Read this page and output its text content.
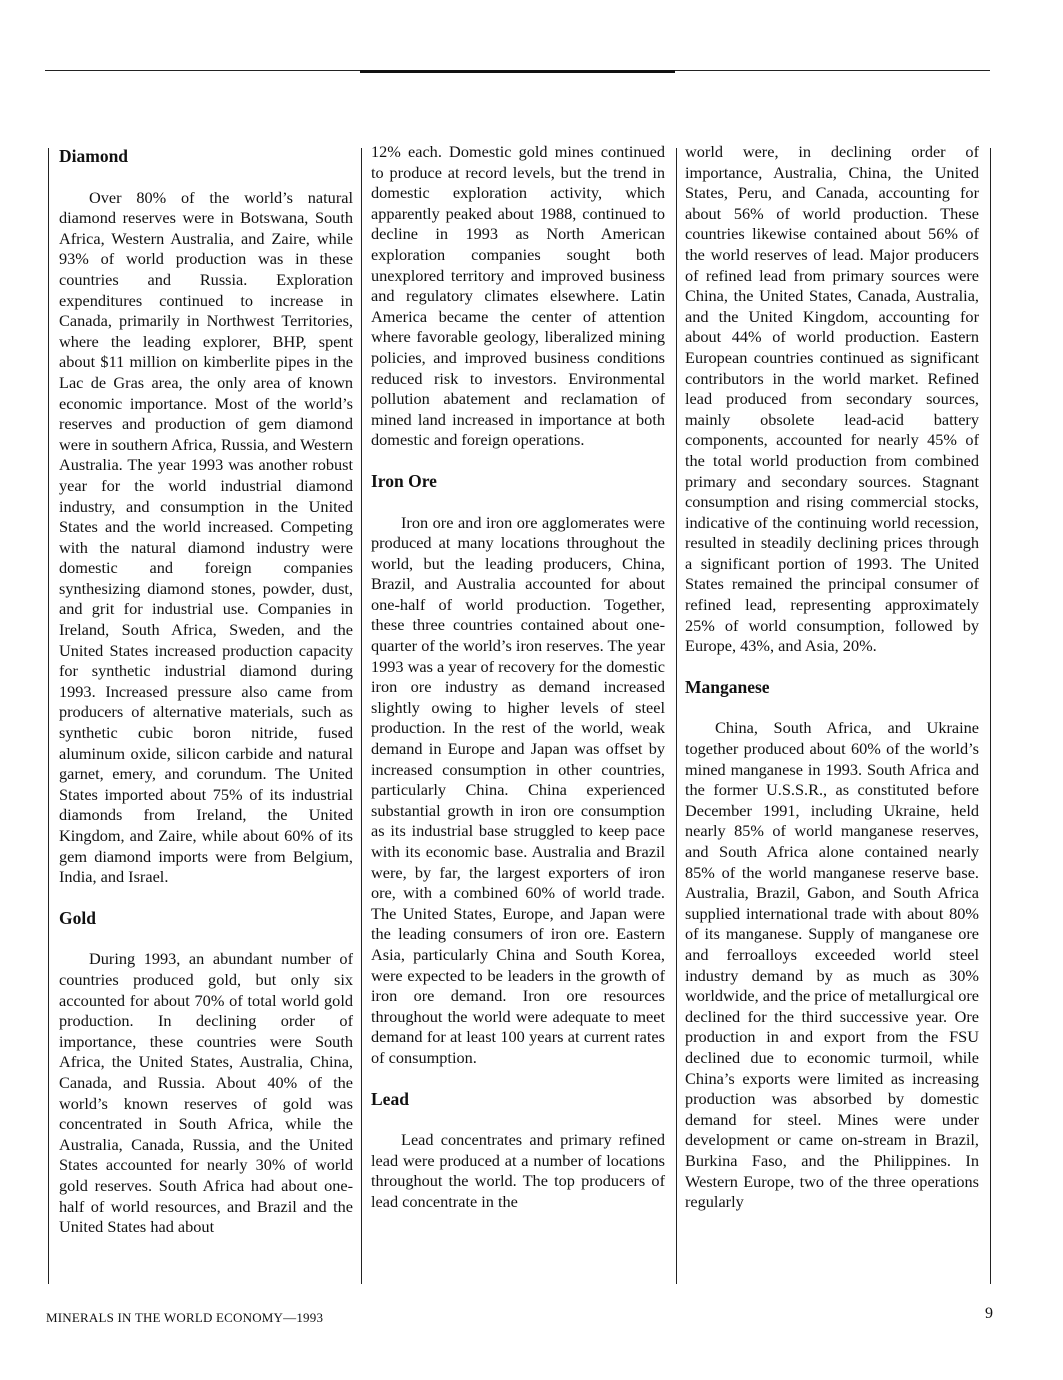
Diamond

Over 80% of the world’s natural diamond reserves were in Botswana, South Africa, Western Australia, and Zaire, while 93% of world production was in these countries and Russia. Exploration expenditures continued to increase in Canada, primarily in Northwest Territories, where the leading explorer, BHP, spent about $11 million on kimberlite pipes in the Lac de Gras area, the only area of known economic importance. Most of the world’s reserves and production of gem diamond were in southern Africa, Russia, and Western Australia. The year 1993 was another robust year for the world industrial diamond industry, and consumption in the United States and the world increased. Competing with the natural diamond industry were domestic and foreign companies synthesizing diamond stones, powder, dust, and grit for industrial use. Companies in Ireland, South Africa, Sweden, and the United States increased production capacity for synthetic industrial diamond during 1993. Increased pressure also came from producers of alternative materials, such as synthetic cubic boron nitride, fused aluminum oxide, silicon carbide and natural garnet, emery, and corundum. The United States imported about 75% of its industrial diamonds from Ireland, the United Kingdom, and Zaire, while about 60% of its gem diamond imports were from Belgium, India, and Israel.

Gold

During 1993, an abundant number of countries produced gold, but only six accounted for about 70% of total world gold production. In declining order of importance, these countries were South Africa, the United States, Australia, China, Canada, and Russia. About 40% of the world’s known reserves of gold was concentrated in South Africa, while the Australia, Canada, Russia, and the United States accounted for nearly 30% of world gold reserves. South Africa had about one-half of world resources, and Brazil and the United States had about

12% each. Domestic gold mines continued to produce at record levels, but the trend in domestic exploration activity, which apparently peaked about 1988, continued to decline in 1993 as North American exploration companies sought both unexplored territory and improved business and regulatory climates elsewhere. Latin America became the center of attention where favorable geology, liberalized mining policies, and improved business conditions reduced risk to investors. Environmental pollution abatement and reclamation of mined land increased in importance at both domestic and foreign operations.

Iron Ore

Iron ore and iron ore agglomerates were produced at many locations throughout the world, but the leading producers, China, Brazil, and Australia accounted for about one-half of world production. Together, these three countries contained about one-quarter of the world’s iron reserves. The year 1993 was a year of recovery for the domestic iron ore industry as demand increased slightly owing to higher levels of steel production. In the rest of the world, weak demand in Europe and Japan was offset by increased consumption in other countries, particularly China. China experienced substantial growth in iron ore consumption as its industrial base struggled to keep pace with its economic base. Australia and Brazil were, by far, the largest exporters of iron ore, with a combined 60% of world trade. The United States, Europe, and Japan were the leading consumers of iron ore. Eastern Asia, particularly China and South Korea, were expected to be leaders in the growth of iron ore demand. Iron ore resources throughout the world were adequate to meet demand for at least 100 years at current rates of consumption.

Lead

Lead concentrates and primary refined lead were produced at a number of locations throughout the world. The top producers of lead concentrate in the

world were, in declining order of importance, Australia, China, the United States, Peru, and Canada, accounting for about 56% of world production. These countries likewise contained about 56% of the world reserves of lead. Major producers of refined lead from primary sources were China, the United States, Canada, Australia, and the United Kingdom, accounting for about 44% of world production. Eastern European countries continued as significant contributors in the world market. Refined lead produced from secondary sources, mainly obsolete lead-acid battery components, accounted for nearly 45% of the total world production from combined primary and secondary sources. Stagnant consumption and rising commercial stocks, indicative of the continuing world recession, resulted in steadily declining prices through a significant portion of 1993. The United States remained the principal consumer of refined lead, representing approximately 25% of world consumption, followed by Europe, 43%, and Asia, 20%.

Manganese

China, South Africa, and Ukraine together produced about 60% of the world’s mined manganese in 1993. South Africa and the former U.S.S.R., as constituted before December 1991, including Ukraine, held nearly 85% of world manganese reserves, and South Africa alone contained nearly 85% of the world manganese reserve base. Australia, Brazil, Gabon, and South Africa supplied international trade with about 80% of its manganese. Supply of manganese ore and ferroalloys exceeded world steel industry demand by as much as 30% worldwide, and the price of metallurgical ore declined for the third successive year. Ore production in and export from the FSU declined due to economic turmoil, while China’s exports were limited as increasing production was absorbed by domestic demand for steel. Mines were under development or came on-stream in Brazil, Burkina Faso, and the Philippines. In Western Europe, two of the three operations regularly

MINERALS IN THE WORLD ECONOMY—1993	9
